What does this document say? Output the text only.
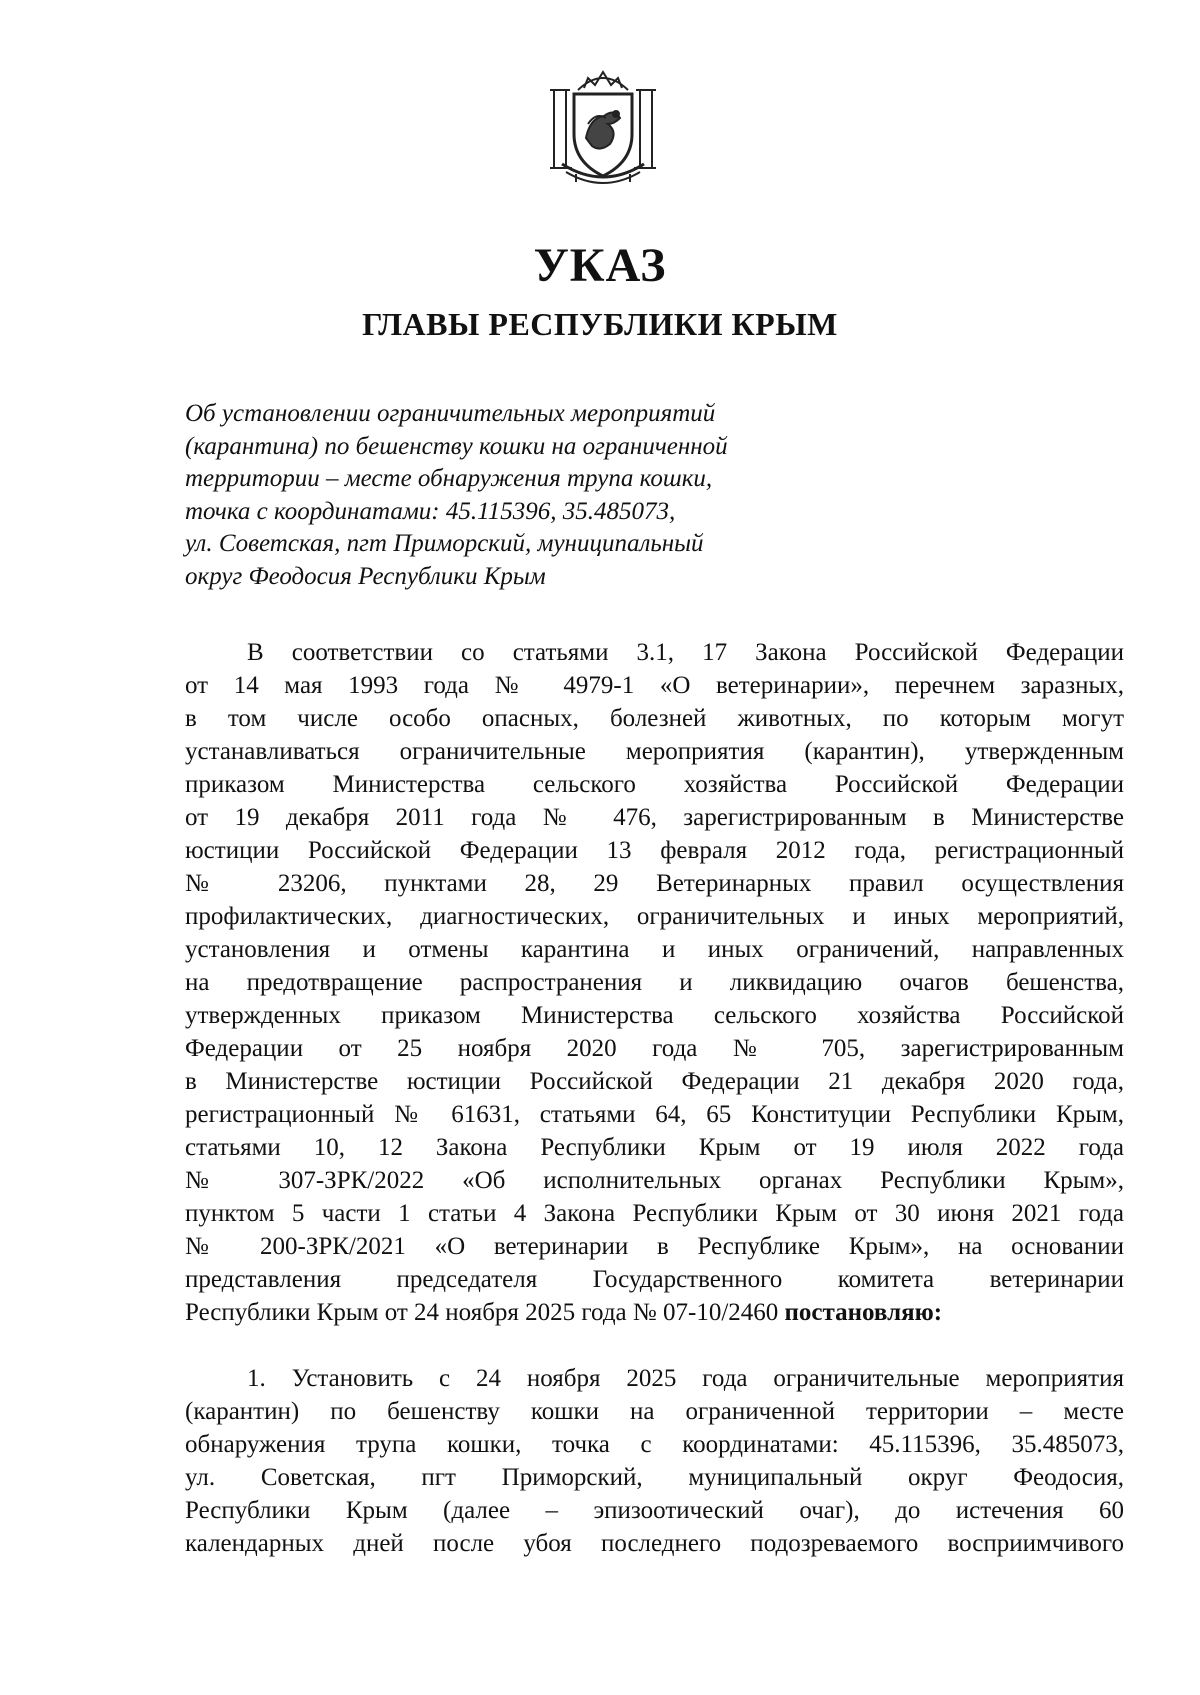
УКАЗ
ГЛАВЫ РЕСПУБЛИКИ КРЫМ
Об установлении ограничительных мероприятий
(карантина) по бешенству кошки на ограниченной
территории – месте обнаружения трупа кошки,
точка с координатами: 45.115396, 35.485073,
ул. Советская, пгт Приморский, муниципальный
округ Феодосия Республики Крым
В соответствии со статьями 3.1, 17 Закона Российской Федерации
от 14 мая 1993 года № 4979-1 «О ветеринарии», перечнем заразных,
в том числе особо опасных, болезней животных, по которым могут
устанавливаться ограничительные мероприятия (карантин), утвержденным
приказом Министерства сельского хозяйства Российской Федерации
от 19 декабря 2011 года № 476, зарегистрированным в Министерстве
юстиции Российской Федерации 13 февраля 2012 года, регистрационный
№ 23206, пунктами 28, 29 Ветеринарных правил осуществления
профилактических, диагностических, ограничительных и иных мероприятий,
установления и отмены карантина и иных ограничений, направленных
на предотвращение распространения и ликвидацию очагов бешенства,
утвержденных приказом Министерства сельского хозяйства Российской
Федерации от 25 ноября 2020 года № 705, зарегистрированным
в Министерстве юстиции Российской Федерации 21 декабря 2020 года,
регистрационный № 61631, статьями 64, 65 Конституции Республики Крым,
статьями 10, 12 Закона Республики Крым от 19 июля 2022 года
№ 307-ЗРК/2022 «Об исполнительных органах Республики Крым»,
пунктом 5 части 1 статьи 4 Закона Республики Крым от 30 июня 2021 года
№ 200-ЗРК/2021 «О ветеринарии в Республике Крым», на основании
представления председателя Государственного комитета ветеринарии
Республики Крым от 24 ноября 2025 года № 07-10/2460 постановляю:
1. Установить с 24 ноября 2025 года ограничительные мероприятия
(карантин) по бешенству кошки на ограниченной территории – месте
обнаружения трупа кошки, точка с координатами: 45.115396, 35.485073,
ул. Советская, пгт Приморский, муниципальный округ Феодосия,
Республики Крым (далее – эпизоотический очаг), до истечения 60
календарных дней после убоя последнего подозреваемого восприимчивого
